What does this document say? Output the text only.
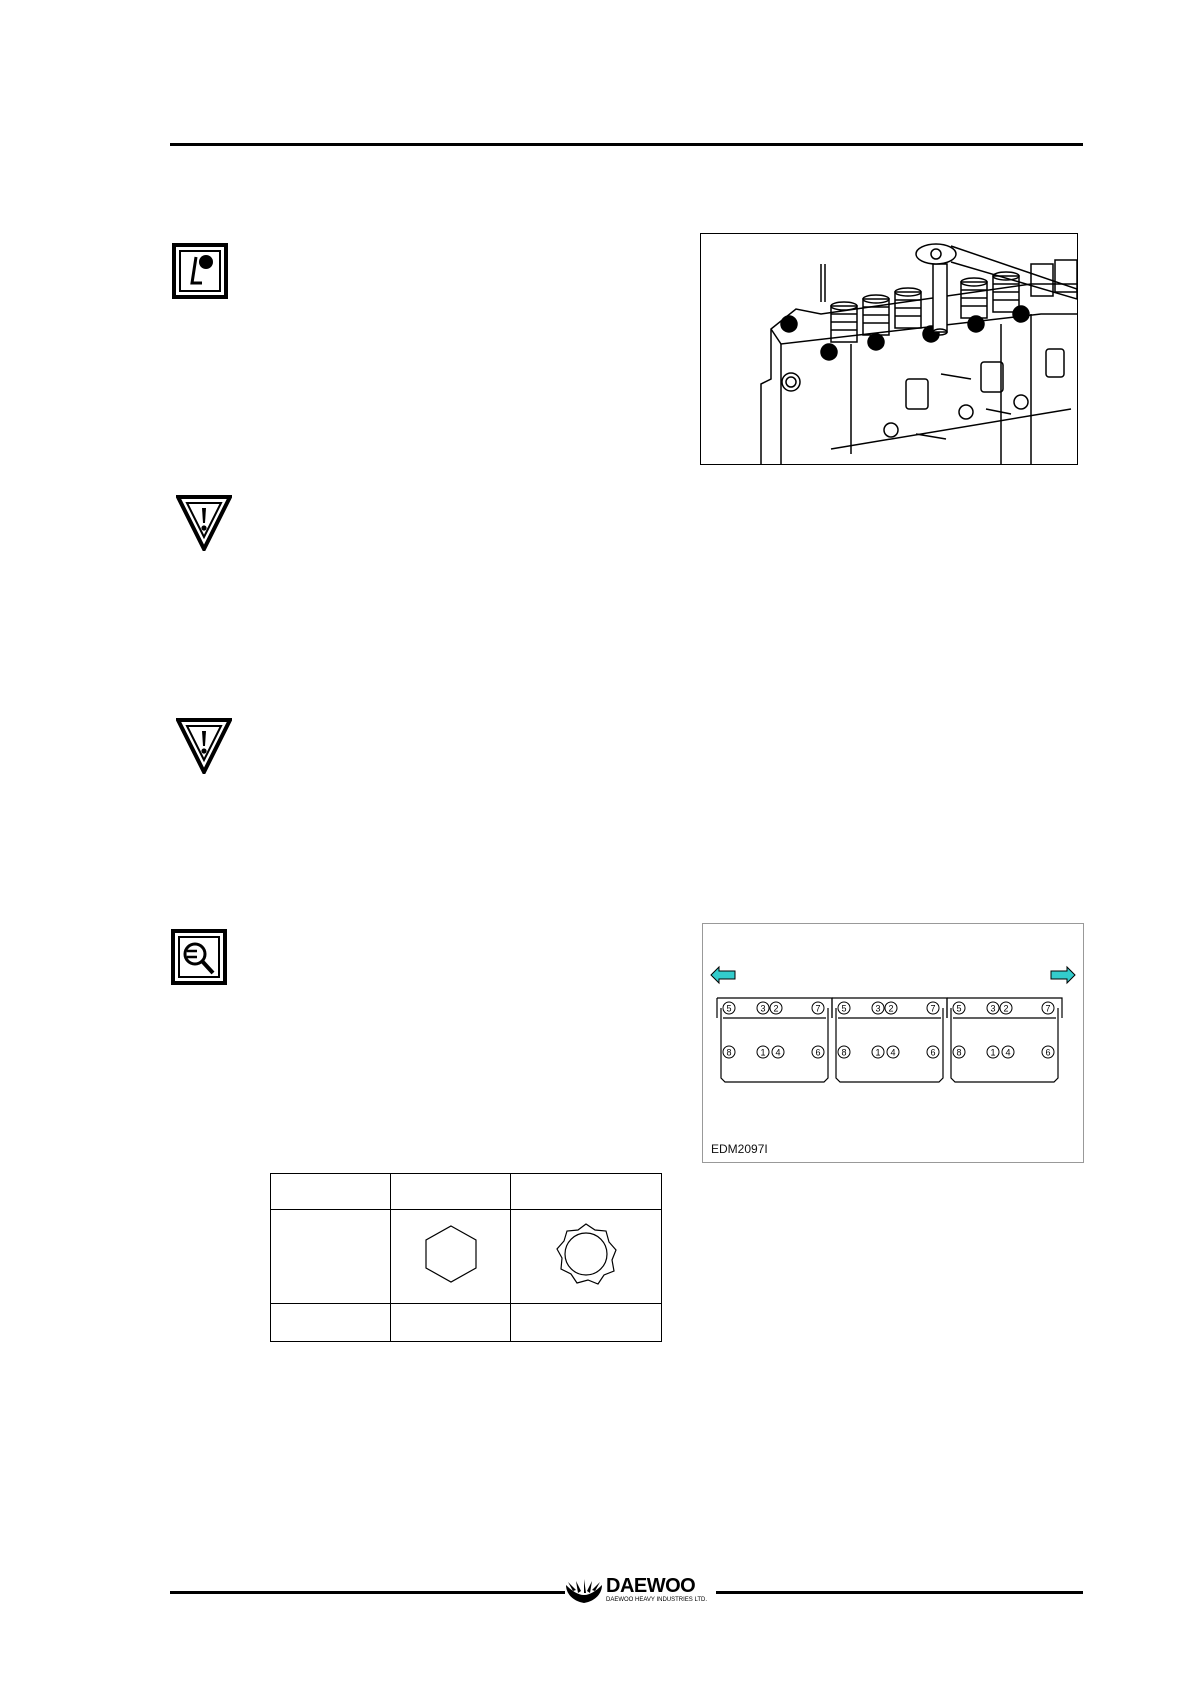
5	3 2	7
8	1 4	6
5	3 2	7
8	1 4	6
5	3 2	7
8	1 4	6
EDM2097I

DAEWOO
DAEWOO HEAVY INDUSTRIES LTD.
